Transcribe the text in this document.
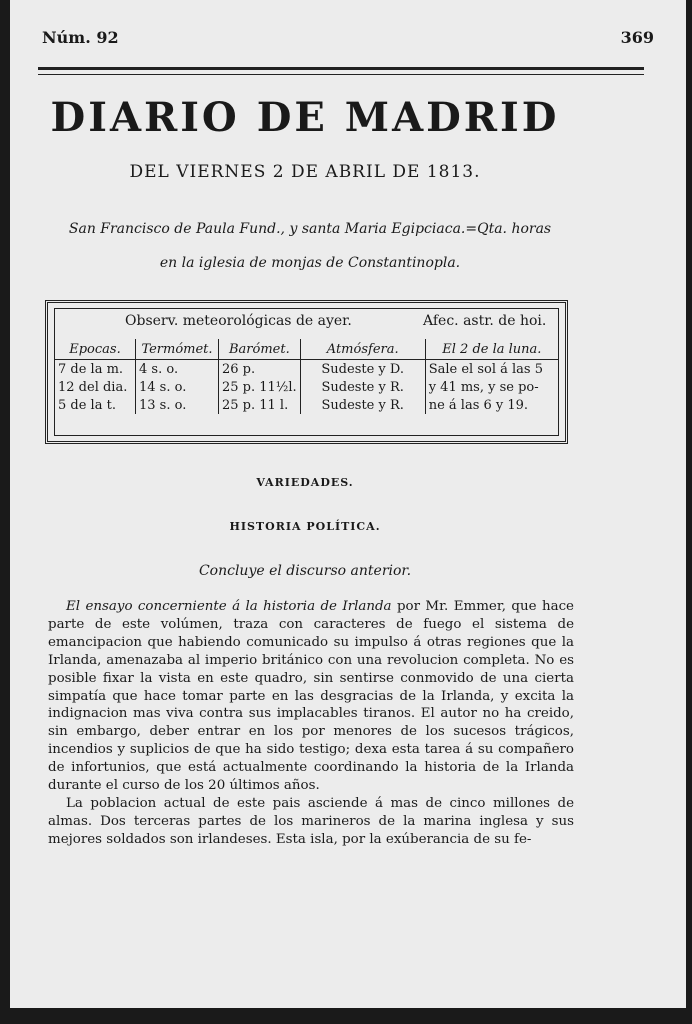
Núm. 92	369
DIARIO DE MADRID
DEL VIERNES 2 DE ABRIL DE 1813.
San Francisco de Paula Fund., y santa Maria Egipciaca.=Qta. horas
en la iglesia de monjas de Constantinopla.
Observ. meteorológicas de ayer.	Afec. astr. de hoi.
Epocas.	Termómet.	Barómet.	Atmósfera.	El 2 de la luna.
7 de la m.	4 s. o.	26 p.	Sudeste y D.	Sale el sol á las 5
12 del dia.	14 s. o.	25 p. 11½l.	Sudeste y R.	y 41 ms, y se po-
5 de la t.	13 s. o.	25 p. 11 l.	Sudeste y R.	ne á las 6 y 19.
VARIEDADES.
HISTORIA POLÍTICA.
Concluye el discurso anterior.

El ensayo concerniente á la historia de Irlanda por Mr. Emmer, que hace parte de este volúmen, traza con caracteres de fuego el sistema de emancipacion que habiendo comunicado su impulso á otras regiones que la Irlanda, amenazaba al imperio británico con una revolucion completa. No es posible fixar la vista en este quadro, sin sentirse conmovido de una cierta simpatía que hace tomar parte en las desgracias de la Irlanda, y excita la indignacion mas viva contra sus implacables tiranos. El autor no ha creido, sin embargo, deber entrar en los por menores de los sucesos trágicos, incendios y suplicios de que ha sido testigo; dexa esta tarea á su compañero de infortunios, que está actualmente coordinando la historia de la Irlanda durante el curso de los 20 últimos años.

La poblacion actual de este pais asciende á mas de cinco millones de almas. Dos terceras partes de los marineros de la marina inglesa y sus mejores soldados son irlandeses. Esta isla, por la exúberancia de su fe-
